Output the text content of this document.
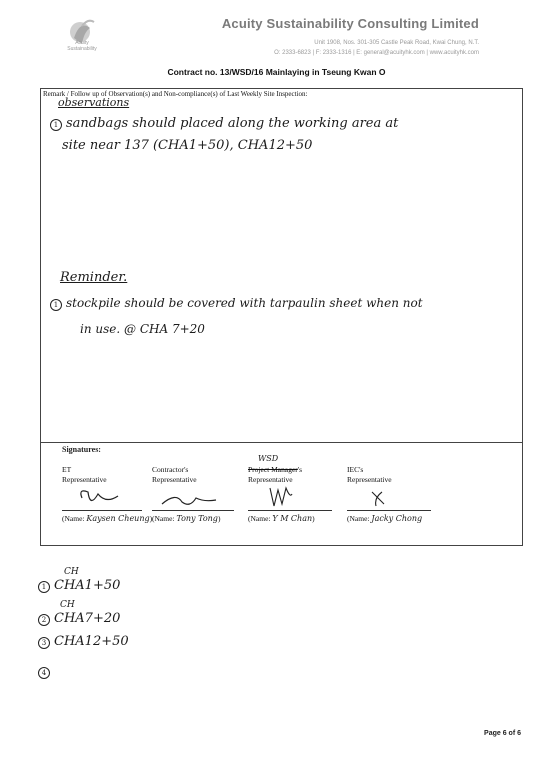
Acuity Sustainability
Acuity Sustainability Consulting Limited
Unit 1908, Nos. 301-305 Castle Peak Road, Kwai Chung, N.T.
O: 2333-6823 | F: 2333-1316 | E: general@acuityhk.com | www.acuityhk.com
Contract no. 13/WSD/16 Mainlaying in Tseung Kwan O
Remark / Follow up of Observation(s) and Non-compliance(s) of Last Weekly Site Inspection:
observations
1 sandbags should placed along the working area at
site near 137 (CHA1+50), CHA12+50
Reminder.
1 stockpile should be covered with tarpaulin sheet when not
in use. @ CHA 7+20
Signatures:
ET
Representative
(Name: Kaysen Cheung)
Contractor's
Representative
(Name: Tony Tong)
WSD
Project Manager's
Representative
(Name: Y M Chan)
IEC's
Representative
(Name: Jacky Chong
CH
1 CHA1+50
CH
2 CHA7+20
3 CHA12+50
4
Page 6 of 6
